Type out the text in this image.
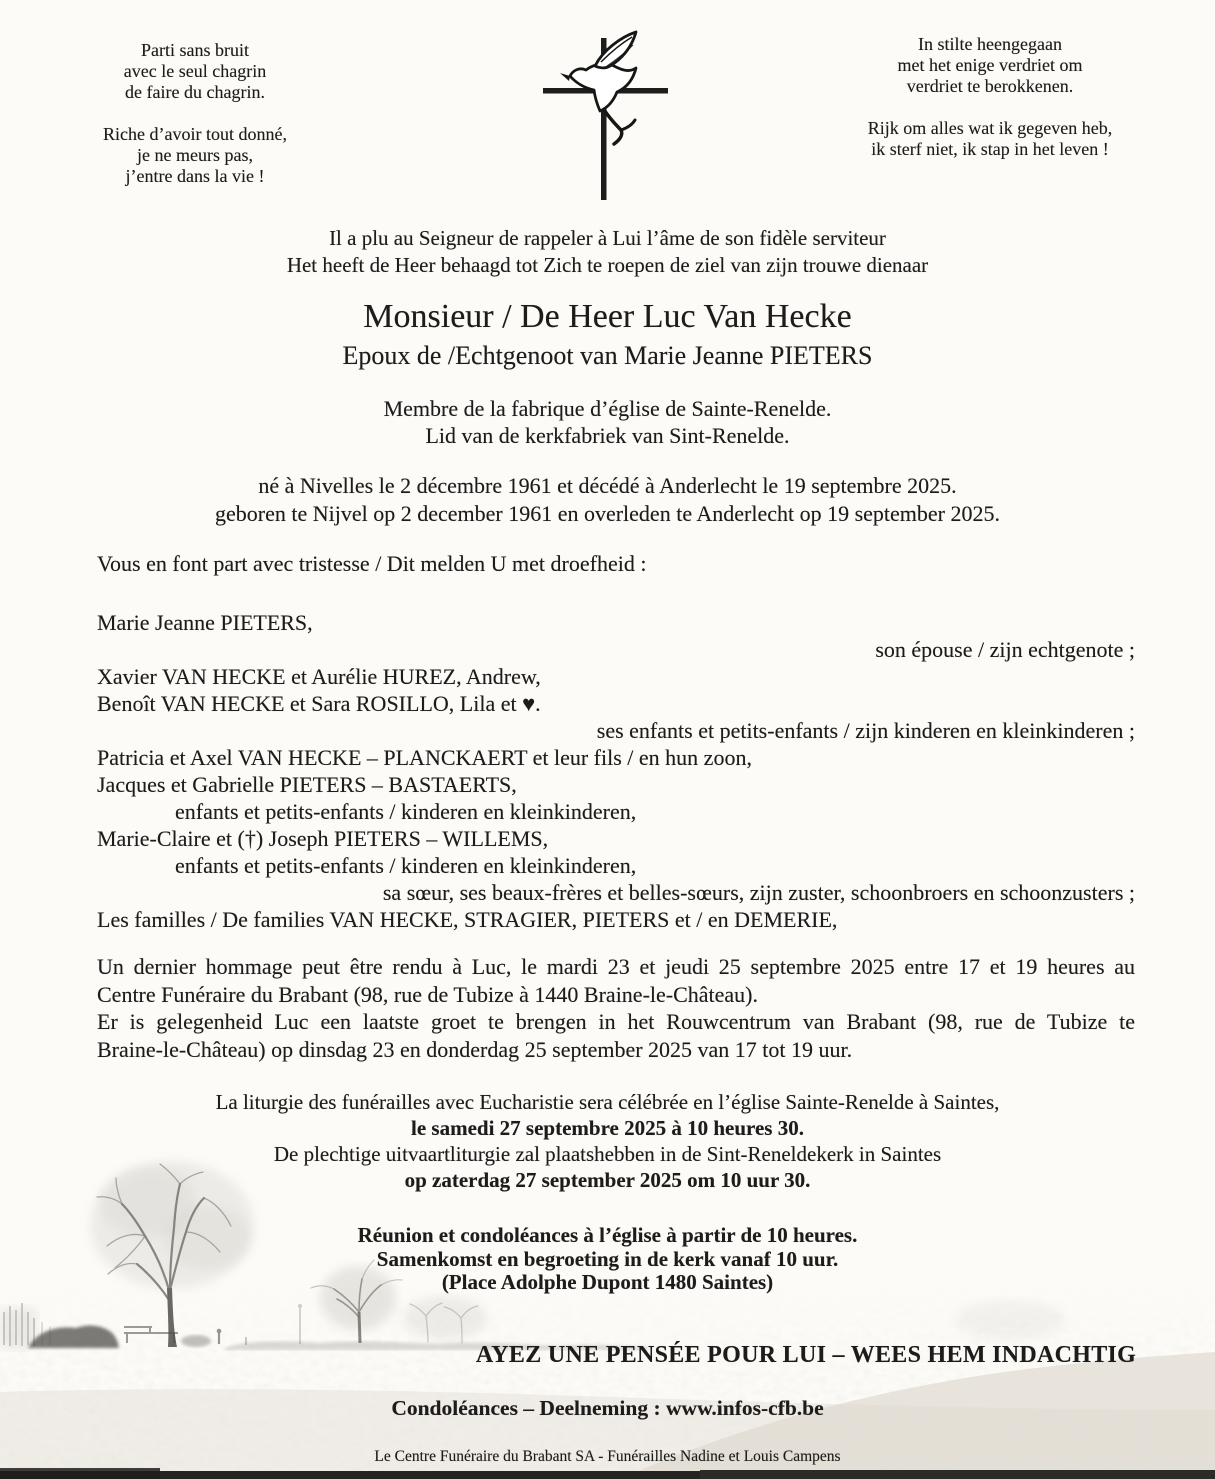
Parti sans bruit
avec le seul chagrin
de faire du chagrin.
Riche d’avoir tout donné,
je ne meurs pas,
j’entre dans la vie !
In stilte heengegaan
met het enige verdriet om
verdriet te berokkenen.
Rijk om alles wat ik gegeven heb,
ik sterf niet, ik stap in het leven !
Il a plu au Seigneur de rappeler à Lui l’âme de son fidèle serviteur
Het heeft de Heer behaagd tot Zich te roepen de ziel van zijn trouwe dienaar
Monsieur / De Heer Luc Van Hecke
Epoux de /Echtgenoot van Marie Jeanne PIETERS
Membre de la fabrique d’église de Sainte-Renelde.
Lid van de kerkfabriek van Sint-Renelde.
né à Nivelles le 2 décembre 1961 et décédé à Anderlecht le 19 septembre 2025.
geboren te Nijvel op 2 december 1961 en overleden te Anderlecht op 19 september 2025.
Vous en font part avec tristesse / Dit melden U met droefheid :
Marie Jeanne PIETERS,
son épouse / zijn echtgenote ;
Xavier VAN HECKE et Aurélie HUREZ, Andrew,
Benoît VAN HECKE et Sara ROSILLO, Lila et ♥.
ses enfants et petits-enfants / zijn kinderen en kleinkinderen ;
Patricia et Axel VAN HECKE – PLANCKAERT et leur fils / en hun zoon,
Jacques et Gabrielle PIETERS – BASTAERTS,
enfants et petits-enfants / kinderen en kleinkinderen,
Marie-Claire et (†) Joseph PIETERS – WILLEMS,
enfants et petits-enfants / kinderen en kleinkinderen,
sa sœur, ses beaux-frères et belles-sœurs, zijn zuster, schoonbroers en schoonzusters ;
Les familles / De families VAN HECKE, STRAGIER, PIETERS et / en DEMERIE,
Un dernier hommage peut être rendu à Luc, le mardi 23 et jeudi 25 septembre 2025 entre 17 et 19 heures au
Centre Funéraire du Brabant (98, rue de Tubize à 1440 Braine-le-Château).
Er is gelegenheid Luc een laatste groet te brengen in het Rouwcentrum van Brabant (98, rue de Tubize te
Braine-le-Château) op dinsdag 23 en donderdag 25 september 2025 van 17 tot 19 uur.
La liturgie des funérailles avec Eucharistie sera célébrée en l’église Sainte-Renelde à Saintes,
le samedi 27 septembre 2025 à 10 heures 30.
De plechtige uitvaartliturgie zal plaatshebben in de Sint-Reneldekerk in Saintes
op zaterdag 27 september 2025 om 10 uur 30.
Réunion et condoléances à l’église à partir de 10 heures.
Samenkomst en begroeting in de kerk vanaf 10 uur.
(Place Adolphe Dupont 1480 Saintes)
AYEZ UNE PENSÉE POUR LUI – WEES HEM INDACHTIG
Condoléances – Deelneming : www.infos-cfb.be
Le Centre Funéraire du Brabant SA - Funérailles Nadine et Louis Campens
